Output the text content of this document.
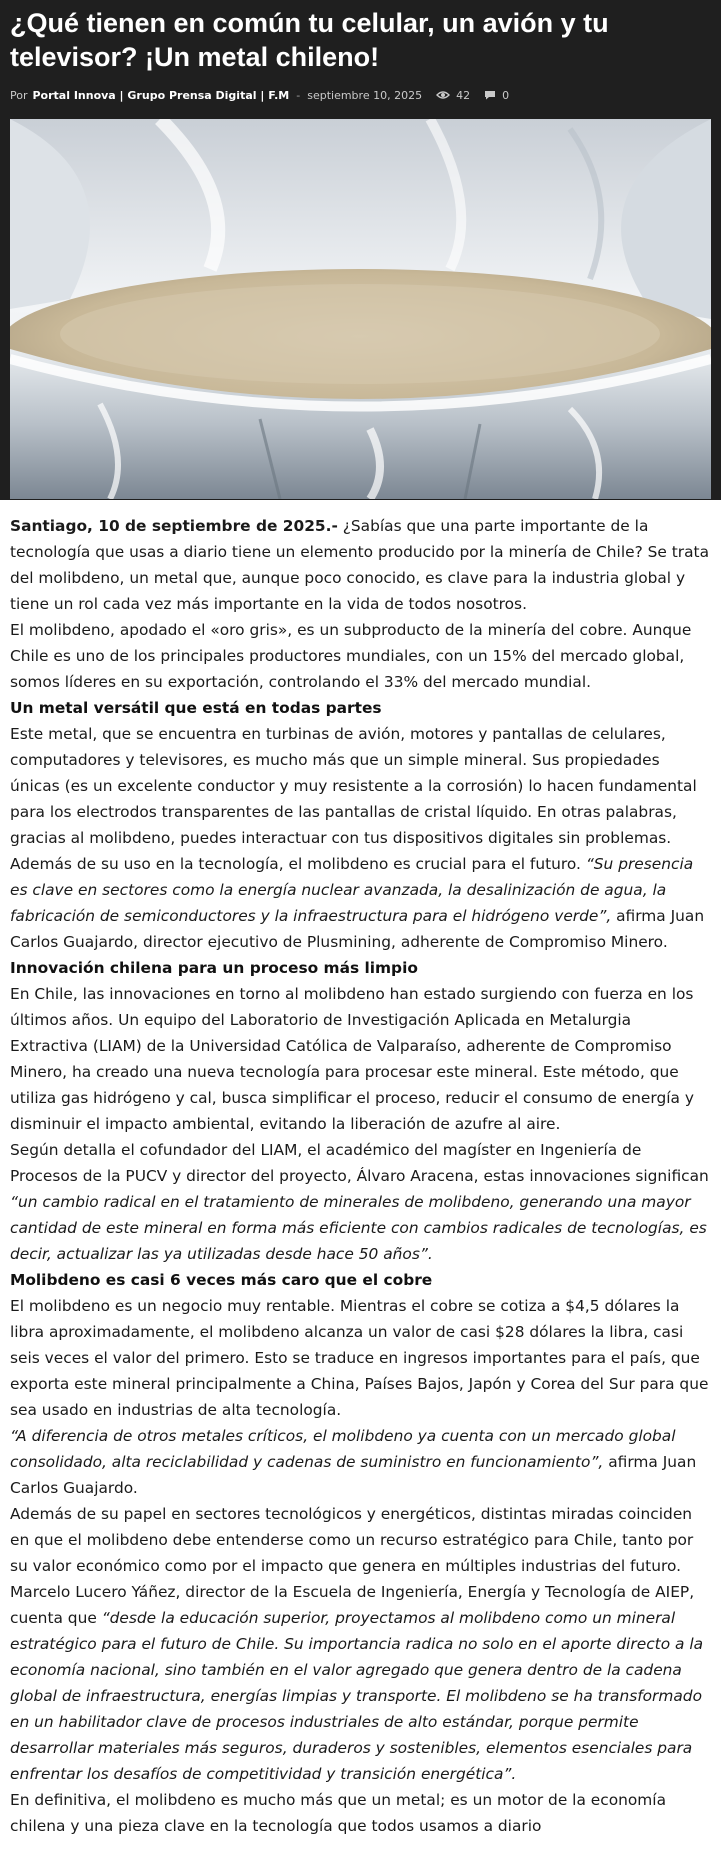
¿Qué tienen en común tu celular, un avión y tu televisor? ¡Un metal chileno!
Por Portal Innova | Grupo Prensa Digital | F.M - septiembre 10, 2025	42	0

Santiago, 10 de septiembre de 2025.- ¿Sabías que una parte importante de la tecnología que usas a diario tiene un elemento producido por la minería de Chile? Se trata del molibdeno, un metal que, aunque poco conocido, es clave para la industria global y tiene un rol cada vez más importante en la vida de todos nosotros.

El molibdeno, apodado el «oro gris», es un subproducto de la minería del cobre. Aunque Chile es uno de los principales productores mundiales, con un 15% del mercado global, somos líderes en su exportación, controlando el 33% del mercado mundial.

Un metal versátil que está en todas partes

Este metal, que se encuentra en turbinas de avión, motores y pantallas de celulares, computadores y televisores, es mucho más que un simple mineral. Sus propiedades únicas (es un excelente conductor y muy resistente a la corrosión) lo hacen fundamental para los electrodos transparentes de las pantallas de cristal líquido. En otras palabras, gracias al molibdeno, puedes interactuar con tus dispositivos digitales sin problemas.

Además de su uso en la tecnología, el molibdeno es crucial para el futuro. “Su presencia es clave en sectores como la energía nuclear avanzada, la desalinización de agua, la fabricación de semiconductores y la infraestructura para el hidrógeno verde”, afirma Juan Carlos Guajardo, director ejecutivo de Plusmining, adherente de Compromiso Minero.

Innovación chilena para un proceso más limpio

En Chile, las innovaciones en torno al molibdeno han estado surgiendo con fuerza en los últimos años. Un equipo del Laboratorio de Investigación Aplicada en Metalurgia Extractiva (LIAM) de la Universidad Católica de Valparaíso, adherente de Compromiso Minero, ha creado una nueva tecnología para procesar este mineral. Este método, que utiliza gas hidrógeno y cal, busca simplificar el proceso, reducir el consumo de energía y disminuir el impacto ambiental, evitando la liberación de azufre al aire.

Según detalla el cofundador del LIAM, el académico del magíster en Ingeniería de Procesos de la PUCV y director del proyecto, Álvaro Aracena, estas innovaciones significan “un cambio radical en el tratamiento de minerales de molibdeno, generando una mayor cantidad de este mineral en forma más eficiente con cambios radicales de tecnologías, es decir, actualizar las ya utilizadas desde hace 50 años”.

Molibdeno es casi 6 veces más caro que el cobre

El molibdeno es un negocio muy rentable. Mientras el cobre se cotiza a $4,5 dólares la libra aproximadamente, el molibdeno alcanza un valor de casi $28 dólares la libra, casi seis veces el valor del primero. Esto se traduce en ingresos importantes para el país, que exporta este mineral principalmente a China, Países Bajos, Japón y Corea del Sur para que sea usado en industrias de alta tecnología.

“A diferencia de otros metales críticos, el molibdeno ya cuenta con un mercado global consolidado, alta reciclabilidad y cadenas de suministro en funcionamiento”, afirma Juan Carlos Guajardo.

Además de su papel en sectores tecnológicos y energéticos, distintas miradas coinciden en que el molibdeno debe entenderse como un recurso estratégico para Chile, tanto por su valor económico como por el impacto que genera en múltiples industrias del futuro.

Marcelo Lucero Yáñez, director de la Escuela de Ingeniería, Energía y Tecnología de AIEP, cuenta que “desde la educación superior, proyectamos al molibdeno como un mineral estratégico para el futuro de Chile. Su importancia radica no solo en el aporte directo a la economía nacional, sino también en el valor agregado que genera dentro de la cadena global de infraestructura, energías limpias y transporte. El molibdeno se ha transformado en un habilitador clave de procesos industriales de alto estándar, porque permite desarrollar materiales más seguros, duraderos y sostenibles, elementos esenciales para enfrentar los desafíos de competitividad y transición energética”.

En definitiva, el molibdeno es mucho más que un metal; es un motor de la economía chilena y una pieza clave en la tecnología que todos usamos a diario
